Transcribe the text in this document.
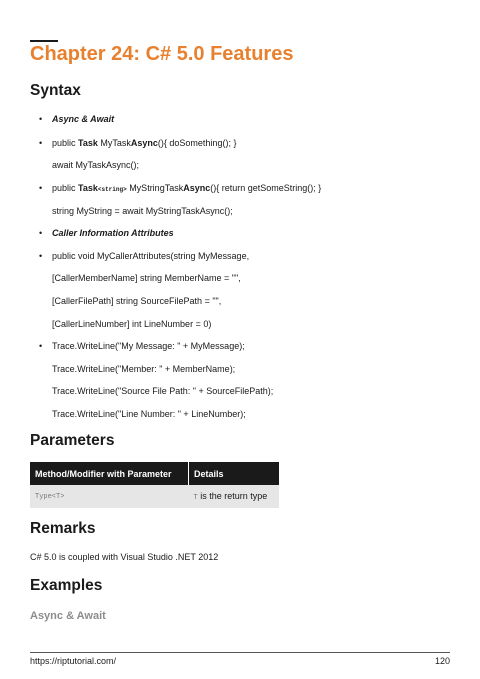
Chapter 24: C# 5.0 Features
Syntax
• Async & Await
• public Task MyTaskAsync(){ doSomething(); }
await MyTaskAsync();
• public Task<string> MyStringTaskAsync(){ return getSomeString(); }
string MyString = await MyStringTaskAsync();
• Caller Information Attributes
• public void MyCallerAttributes(string MyMessage,
[CallerMemberName] string MemberName = "",
[CallerFilePath] string SourceFilePath = "",
[CallerLineNumber] int LineNumber = 0)
• Trace.WriteLine("My Message: " + MyMessage);
Trace.WriteLine("Member: " + MemberName);
Trace.WriteLine("Source File Path: " + SourceFilePath);
Trace.WriteLine("Line Number: " + LineNumber);
Parameters
Method/Modifier with Parameter	Details
Type<T>	T is the return type
Remarks
C# 5.0 is coupled with Visual Studio .NET 2012
Examples
Async & Await
https://riptutorial.com/	120
